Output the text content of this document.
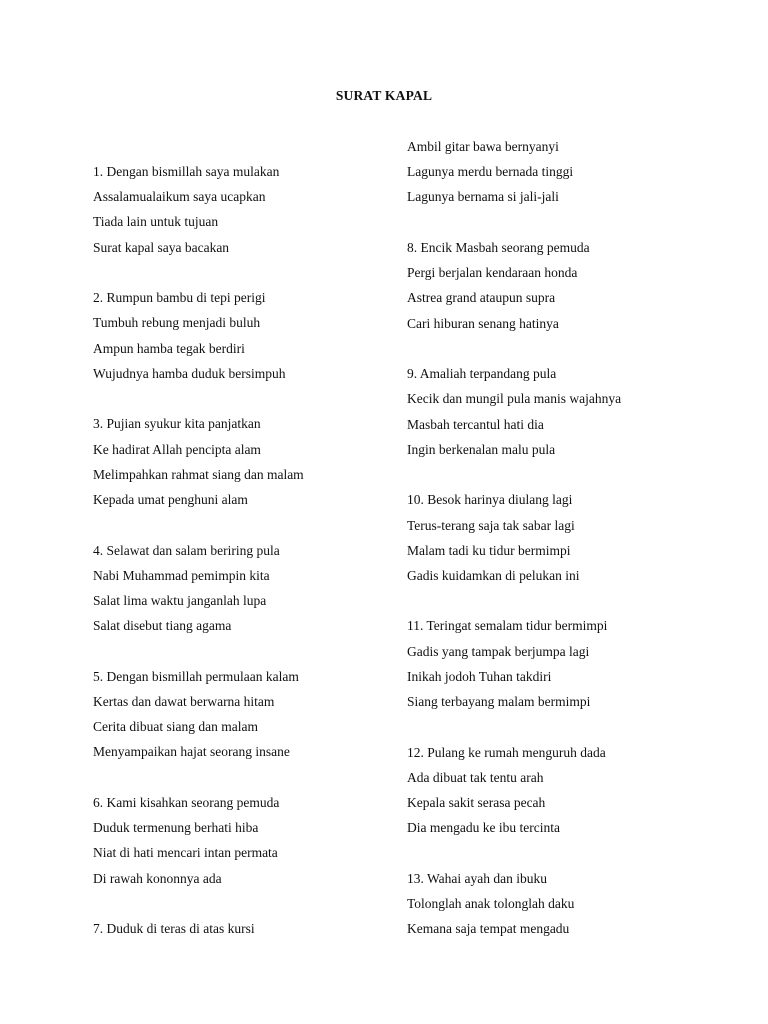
SURAT KAPAL
1. Dengan bismillah saya mulakan
Assalamualaikum saya ucapkan
Tiada lain untuk tujuan
Surat kapal saya bacakan
2. Rumpun bambu di tepi perigi
Tumbuh rebung menjadi buluh
Ampun hamba tegak berdiri
Wujudnya hamba duduk bersimpuh
3. Pujian syukur kita panjatkan
Ke hadirat Allah pencipta alam
Melimpahkan rahmat siang dan malam
Kepada umat penghuni alam
4. Selawat dan salam beriring pula
Nabi Muhammad pemimpin kita
Salat lima waktu janganlah lupa
Salat disebut tiang agama
5. Dengan bismillah permulaan kalam
Kertas dan dawat berwarna hitam
Cerita dibuat siang dan malam
Menyampaikan hajat seorang insane
6. Kami kisahkan seorang pemuda
Duduk termenung berhati hiba
Niat di hati mencari intan permata
Di rawah kononnya ada
7. Duduk di teras di atas kursi
Ambil gitar bawa bernyanyi
Lagunya merdu bernada tinggi
Lagunya bernama si jali-jali
8. Encik Masbah seorang pemuda
Pergi berjalan kendaraan honda
Astrea grand ataupun supra
Cari hiburan senang hatinya
9. Amaliah terpandang pula
Kecik dan mungil pula manis wajahnya
Masbah tercantul hati dia
Ingin berkenalan malu pula
10. Besok harinya diulang lagi
Terus-terang saja tak sabar lagi
Malam tadi ku tidur bermimpi
Gadis kuidamkan di pelukan ini
11. Teringat semalam tidur bermimpi
Gadis yang tampak berjumpa lagi
Inikah jodoh Tuhan takdiri
Siang terbayang malam bermimpi
12. Pulang ke rumah menguruh dada
Ada dibuat tak tentu arah
Kepala sakit serasa pecah
Dia mengadu ke ibu tercinta
13. Wahai ayah dan ibuku
Tolonglah anak tolonglah daku
Kemana saja tempat mengadu
